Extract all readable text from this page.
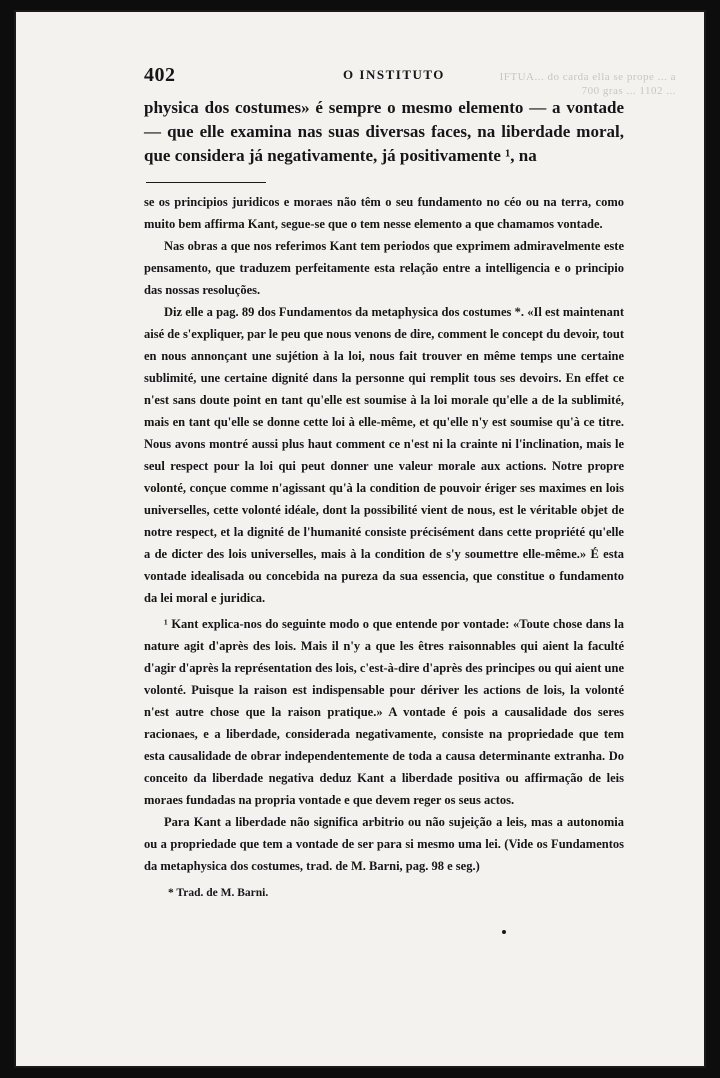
IFTUA... do carda ella se prope ... a 700 gras ... 1102 ...
402	O INSTITUTO

physica dos costumes» é sempre o mesmo elemento — a vontade — que elle examina nas suas diversas faces, na liberdade moral, que considera já negativamente, já positivamente ¹, na

se os principios juridicos e moraes não têm o seu fundamento no céo ou na terra, como muito bem affirma Kant, segue-se que o tem nesse elemento a que chamamos vontade.

Nas obras a que nos referimos Kant tem periodos que exprimem admiravelmente este pensamento, que traduzem perfeitamente esta relação entre a intelligencia e o principio das nossas resoluções.

Diz elle a pag. 89 dos Fundamentos da metaphysica dos costumes *. «Il est maintenant aisé de s'expliquer, par le peu que nous venons de dire, comment le concept du devoir, tout en nous annonçant une sujétion à la loi, nous fait trouver en même temps une certaine sublimité, une certaine dignité dans la personne qui remplit tous ses devoirs. En effet ce n'est sans doute point en tant qu'elle est soumise à la loi morale qu'elle a de la sublimité, mais en tant qu'elle se donne cette loi à elle-même, et qu'elle n'y est soumise qu'à ce titre. Nous avons montré aussi plus haut comment ce n'est ni la crainte ni l'inclination, mais le seul respect pour la loi qui peut donner une valeur morale aux actions. Notre propre volonté, conçue comme n'agissant qu'à la condition de pouvoir ériger ses maximes en lois universelles, cette volonté idéale, dont la possibilité vient de nous, est le véritable objet de notre respect, et la dignité de l'humanité consiste précisément dans cette propriété qu'elle a de dicter des lois universelles, mais à la condition de s'y soumettre elle-même.» É esta vontade idealisada ou concebida na pureza da sua essencia, que constitue o fundamento da lei moral e juridica.

¹ Kant explica-nos do seguinte modo o que entende por vontade: «Toute chose dans la nature agit d'après des lois. Mais il n'y a que les êtres raisonnables qui aient la faculté d'agir d'après la représentation des lois, c'est-à-dire d'après des principes ou qui aient une volonté. Puisque la raison est indispensable pour dériver les actions de lois, la volonté n'est autre chose que la raison pratique.» A vontade é pois a causalidade dos seres racionaes, e a liberdade, considerada negativamente, consiste na propriedade que tem esta causalidade de obrar independentemente de toda a causa determinante extranha. Do conceito da liberdade negativa deduz Kant a liberdade positiva ou affirmação de leis moraes fundadas na propria vontade e que devem reger os seus actos.

Para Kant a liberdade não significa arbitrio ou não sujeição a leis, mas a autonomia ou a propriedade que tem a vontade de ser para si mesmo uma lei. (Vide os Fundamentos da metaphysica dos costumes, trad. de M. Barni, pag. 98 e seg.)

* Trad. de M. Barni.
